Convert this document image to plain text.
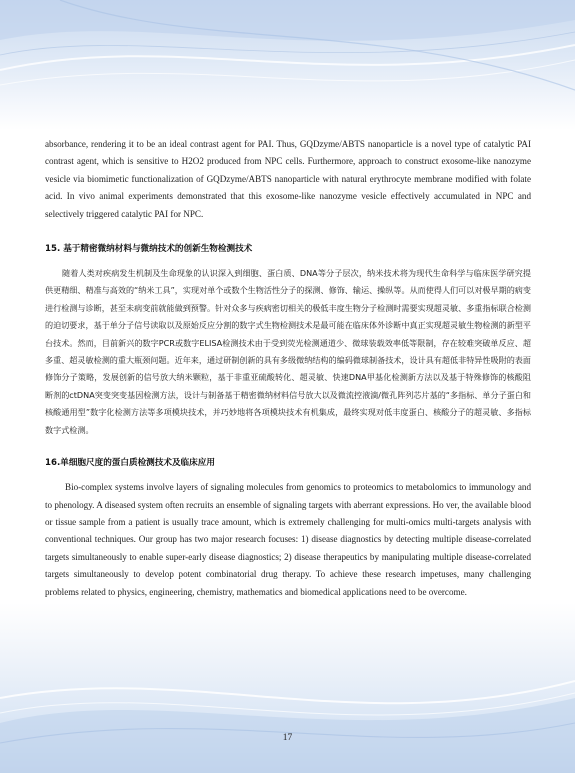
absorbance, rendering it to be an ideal contrast agent for PAI. Thus, GQDzyme/ABTS nanoparticle is a novel type of catalytic PAI contrast agent, which is sensitive to H2O2 produced from NPC cells. Furthermore, approach to construct exosome-like nanozyme vesicle via biomimetic functionalization of GQDzyme/ABTS nanoparticle with natural erythrocyte membrane modified with folate acid. In vivo animal experiments demonstrated that this exosome-like nanozyme vesicle effectively accumulated in NPC and selectively triggered catalytic PAI for NPC.

15. 基于精密微纳材料与微纳技术的创新生物检测技术

随着人类对疾病发生机制及生命现象的认识深入到细胞、蛋白质、DNA等分子层次，纳米技术将为现代生命科学与临床医学研究提供更精细、精准与高效的“纳米工具”，实现对单个或数个生物活性分子的探测、修饰、输运、操纵等。从而使得人们可以对极早期的病变进行检测与诊断，甚至未病变前就能做到预警。针对众多与疾病密切相关的极低丰度生物分子检测时需要实现超灵敏、多重指标联合检测的迫切要求，基于单分子信号读取以及原始反应分割的数字式生物检测技术是最可能在临床体外诊断中真正实现超灵敏生物检测的新型平台技术。然而，目前新兴的数字PCR或数字ELISA检测技术由于受到荧光检测通道少、微球装载效率低等限制，存在较难突破单反应、超多重、超灵敏检测的重大瓶颈问题。近年来，通过研制创新的具有多级微纳结构的编码微球制备技术，设计具有超低非特异性吸附的表面修饰分子策略，发展创新的信号放大纳米颗粒，基于非重亚硫酸转化、超灵敏、快速DNA甲基化检测新方法以及基于特殊修饰的核酸阻断剂的ctDNA突变突变基因检测方法，设计与制备基于精密微纳材料信号放大以及微流控液滴/微孔阵列芯片基的“多指标、单分子蛋白和核酸通用型”数字化检测方法等多项模块技术，并巧妙地将各项模块技术有机集成，最终实现对低丰度蛋白、核酸分子的超灵敏、多指标数字式检测。

16.单细胞尺度的蛋白质检测技术及临床应用

Bio-complex systems involve layers of signaling molecules from genomics to proteomics to metabolomics to immunology and to phenology. A diseased system often recruits an ensemble of signaling targets with aberrant expressions. Ho ver, the available blood or tissue sample from a patient is usually trace amount, which is extremely challenging for multi-omics multi-targets analysis with conventional techniques. Our group has two major research focuses: 1) disease diagnostics by detecting multiple disease-correlated targets simultaneously to enable super-early disease diagnostics; 2) disease therapeutics by manipulating multiple disease-correlated targets simultaneously to develop potent combinatorial drug therapy. To achieve these research impetuses, many challenging problems related to physics, engineering, chemistry, mathematics and biomedical applications need to be overcome.

17
